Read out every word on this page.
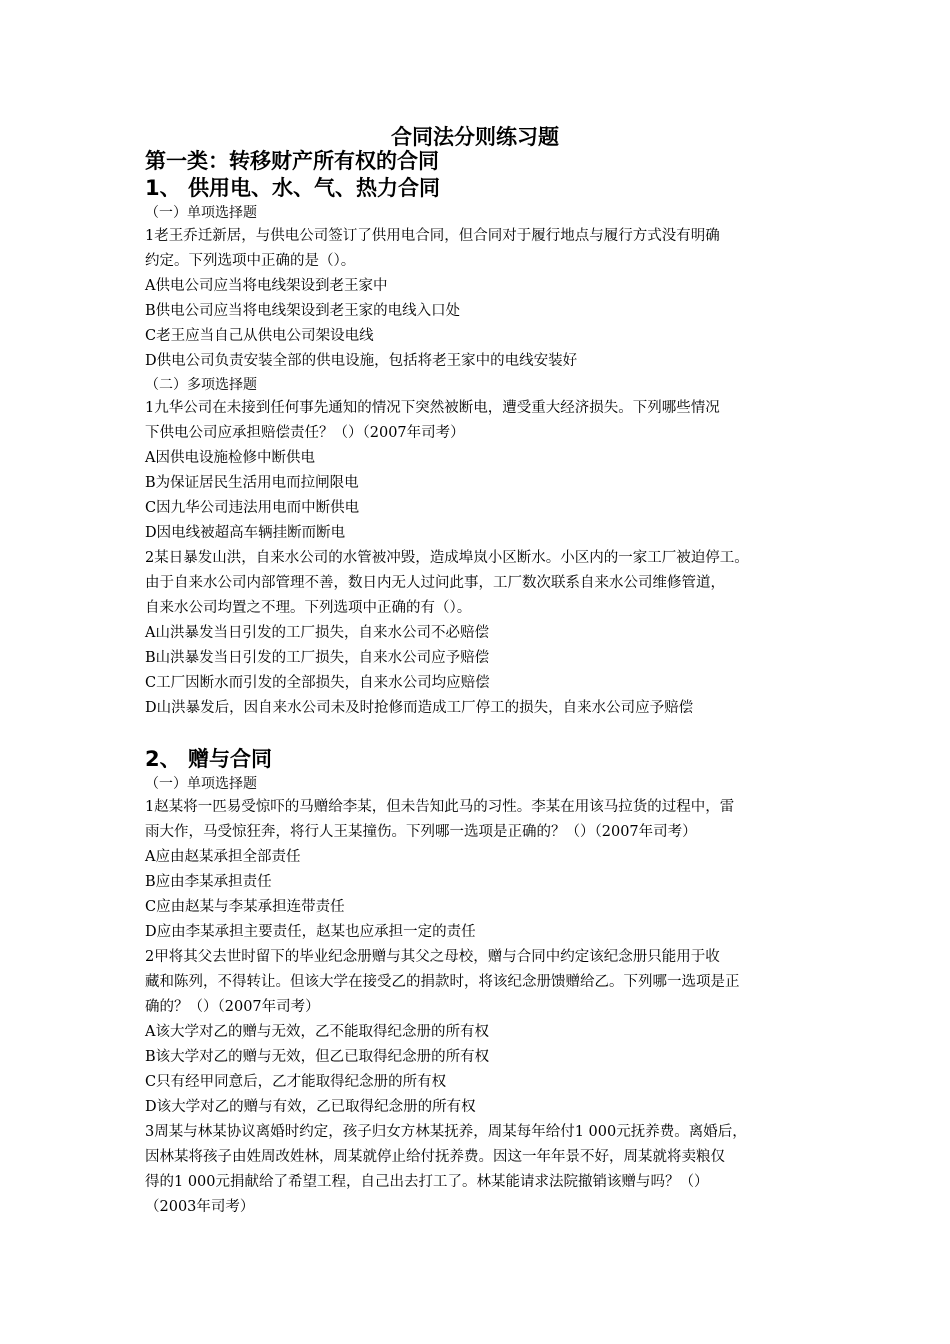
合同法分则练习题
第一类：转移财产所有权的合同
1、 供用电、水、气、热力合同

（一）单项选择题

1老王乔迁新居，与供电公司签订了供用电合同，但合同对于履行地点与履行方式没有明确

约定。下列选项中正确的是（）。

A供电公司应当将电线架设到老王家中

B供电公司应当将电线架设到老王家的电线入口处

C老王应当自己从供电公司架设电线

D供电公司负责安装全部的供电设施，包括将老王家中的电线安装好

（二）多项选择题

1九华公司在未接到任何事先通知的情况下突然被断电，遭受重大经济损失。下列哪些情况

下供电公司应承担赔偿责任？（）（2007年司考）

A因供电设施检修中断供电

B为保证居民生活用电而拉闸限电

C因九华公司违法用电而中断供电

D因电线被超高车辆挂断而断电

2某日暴发山洪，自来水公司的水管被冲毁，造成埠岚小区断水。小区内的一家工厂被迫停工。

由于自来水公司内部管理不善，数日内无人过问此事，工厂数次联系自来水公司维修管道，

自来水公司均置之不理。下列选项中正确的有（）。

A山洪暴发当日引发的工厂损失，自来水公司不必赔偿

B山洪暴发当日引发的工厂损失，自来水公司应予赔偿

C工厂因断水而引发的全部损失，自来水公司均应赔偿

D山洪暴发后，因自来水公司未及时抢修而造成工厂停工的损失，自来水公司应予赔偿

2、 赠与合同

（一）单项选择题

1赵某将一匹易受惊吓的马赠给李某，但未告知此马的习性。李某在用该马拉货的过程中，雷

雨大作，马受惊狂奔，将行人王某撞伤。下列哪一选项是正确的？（）（2007年司考）

A应由赵某承担全部责任

B应由李某承担责任

C应由赵某与李某承担连带责任

D应由李某承担主要责任，赵某也应承担一定的责任

2甲将其父去世时留下的毕业纪念册赠与其父之母校，赠与合同中约定该纪念册只能用于收

藏和陈列，不得转让。但该大学在接受乙的捐款时，将该纪念册馈赠给乙。下列哪一选项是正

确的？（）（2007年司考）

A该大学对乙的赠与无效，乙不能取得纪念册的所有权

B该大学对乙的赠与无效，但乙已取得纪念册的所有权

C只有经甲同意后，乙才能取得纪念册的所有权

D该大学对乙的赠与有效，乙已取得纪念册的所有权

3周某与林某协议离婚时约定，孩子归女方林某抚养，周某每年给付1 000元抚养费。离婚后，

因林某将孩子由姓周改姓林，周某就停止给付抚养费。因这一年年景不好，周某就将卖粮仅

得的1 000元捐献给了希望工程，自己出去打工了。林某能请求法院撤销该赠与吗？（）

（2003年司考）
